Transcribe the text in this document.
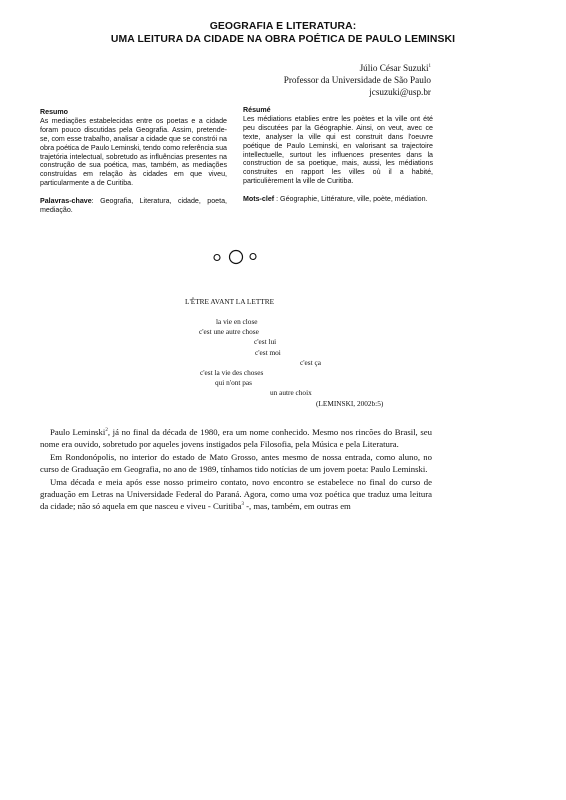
GEOGRAFIA E LITERATURA:
UMA LEITURA DA CIDADE NA OBRA POÉTICA DE PAULO LEMINSKI
Júlio César Suzuki$^1$
Professor da Universidade de São Paulo
jcsuzuki@usp.br
Resumo

As mediações estabelecidas entre os poetas e a cidade foram pouco discutidas pela Geografia. Assim, pretende-se, com esse trabalho, analisar a cidade que se constrói na obra poética de Paulo Leminski, tendo como referência sua trajetória intelectual, sobretudo as influências presentes na construção de sua poética, mas, também, as mediações construídas em relação às cidades em que viveu, particularmente a de Curitiba.

Palavras-chave: Geografia, Literatura, cidade, poeta, mediação.

Résumé

Les médiations etablies entre les poètes et la ville ont été peu discutées par la Géographie. Ainsi, on veut, avec ce texte, analyser la ville qui est construit dans l'oeuvre poétique de Paulo Leminski, en valorisant sa trajectoire intellectuelle, surtout les influences presentes dans la construction de sa poetique, mais, aussi, les médiations construites en rapport les villes où il a habité, particulièrement la ville de Curitiba.

Mots-clef : Géographie, Littérature, ville, poète, médiation.

L'ÊTRE AVANT LA LETTRE
la vie en close
c'est une autre chose
c'est lui
c'est moi
c'est ça
c'est la vie des choses
qui n'ont pas
un autre choix
(LEMINSKI, 2002b:5)

Paulo Leminski$^2$, já no final da década de 1980, era um nome conhecido. Mesmo nos rincões do Brasil, seu nome era ouvido, sobretudo por aqueles jovens instigados pela Filosofia, pela Música e pela Literatura.

Em Rondonópolis, no interior do estado de Mato Grosso, antes mesmo de nossa entrada, como aluno, no curso de Graduação em Geografia, no ano de 1989, tínhamos tido notícias de um jovem poeta: Paulo Leminski.

Uma década e meia após esse nosso primeiro contato, novo encontro se estabelece no final do curso de graduação em Letras na Universidade Federal do Paraná. Agora, como uma voz poética que traduz uma leitura da cidade; não só aquela em que nasceu e viveu - Curitiba$^3$ -, mas, também, em outras em
